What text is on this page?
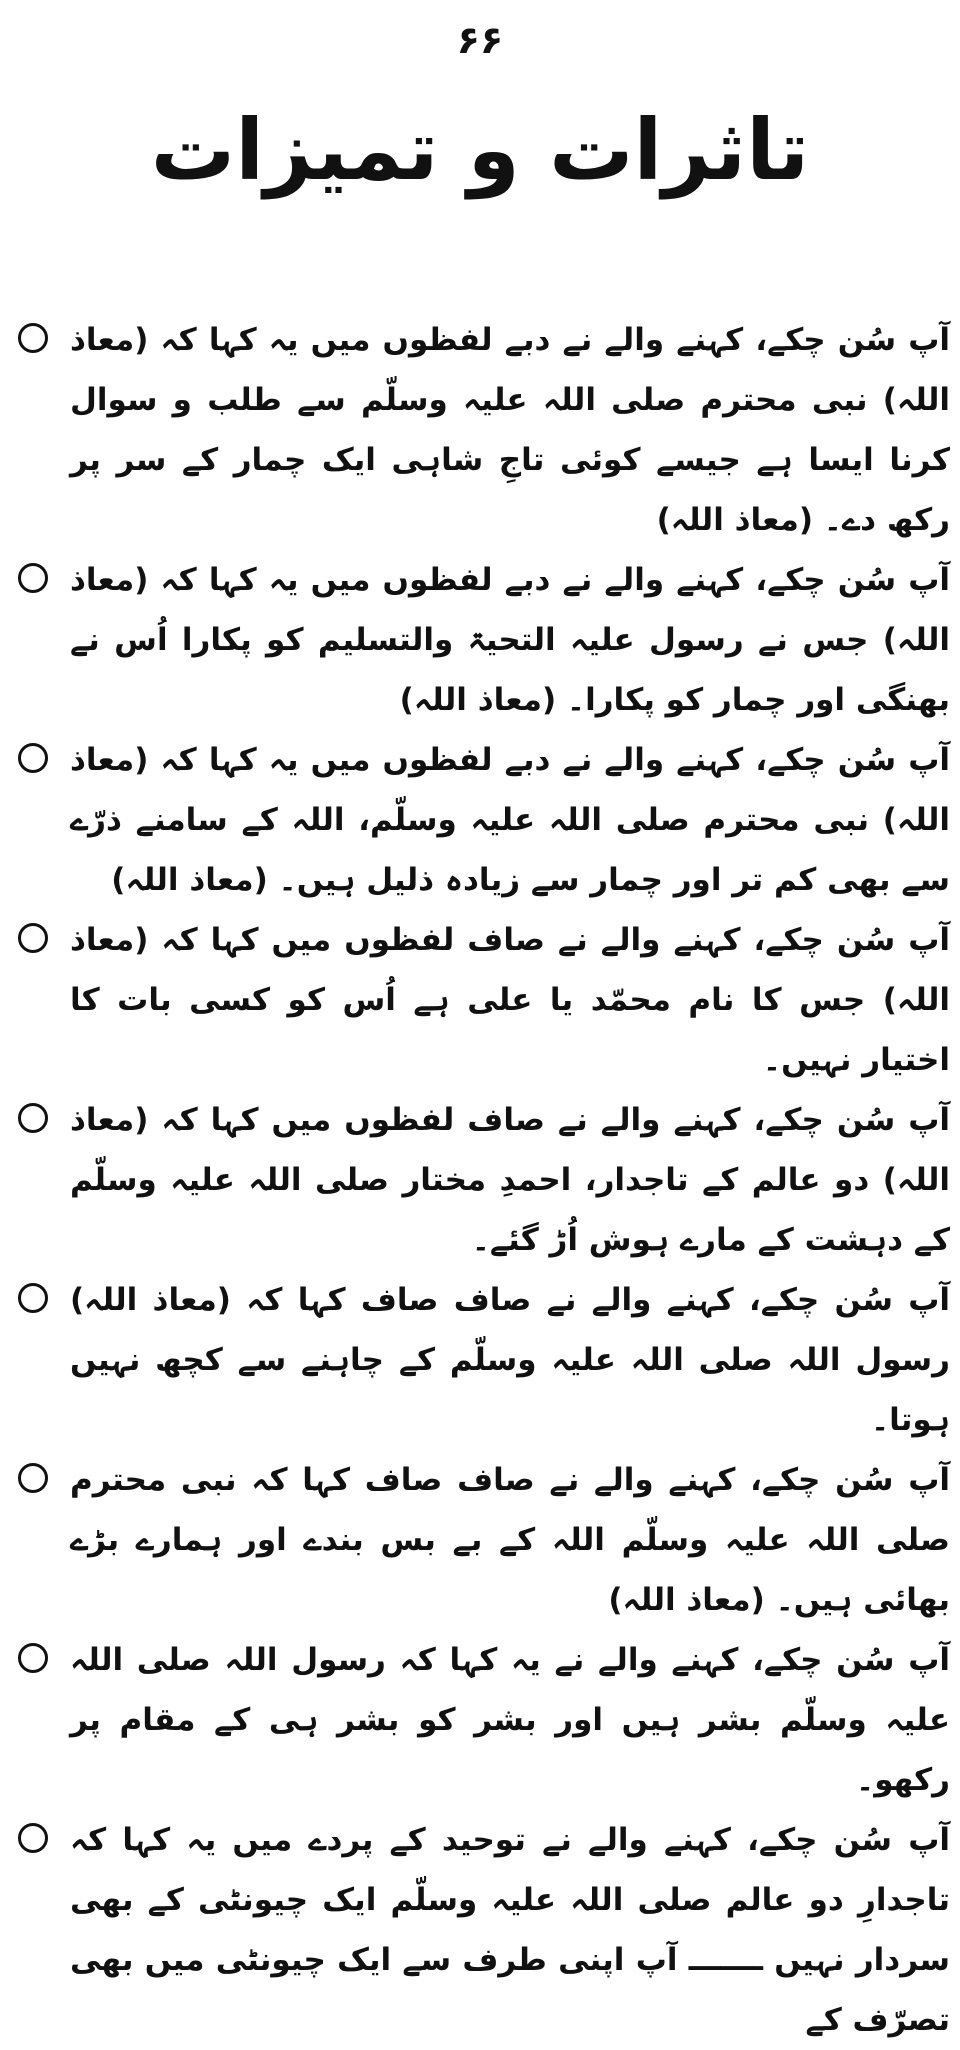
۶۶
تاثرات و تمیزات
آپ سُن چکے، کہنے والے نے دبے لفظوں میں یہ کہا کہ (معاذ اللہ) نبی محترم صلی اللہ علیہ وسلّم سے طلب و سوال کرنا ایسا ہے جیسے کوئی تاجِ شاہی ایک چمار کے سر پر رکھ دے۔ (معاذ اللہ)
آپ سُن چکے، کہنے والے نے دبے لفظوں میں یہ کہا کہ (معاذ اللہ) جس نے رسول علیہ التحیۃ والتسلیم کو پکارا اُس نے بھنگی اور چمار کو پکارا۔ (معاذ اللہ)
آپ سُن چکے، کہنے والے نے دبے لفظوں میں یہ کہا کہ (معاذ اللہ) نبی محترم صلی اللہ علیہ وسلّم، اللہ کے سامنے ذرّے سے بھی کم تر اور چمار سے زیادہ ذلیل ہیں۔ (معاذ اللہ)
آپ سُن چکے، کہنے والے نے صاف لفظوں میں کہا کہ (معاذ اللہ) جس کا نام محمّد یا علی ہے اُس کو کسی بات کا اختیار نہیں۔
آپ سُن چکے، کہنے والے نے صاف لفظوں میں کہا کہ (معاذ اللہ) دو عالم کے تاجدار، احمدِ مختار صلی اللہ علیہ وسلّم کے دہشت کے مارے ہوش اُڑ گئے۔
آپ سُن چکے، کہنے والے نے صاف صاف کہا کہ (معاذ اللہ) رسول اللہ صلی اللہ علیہ وسلّم کے چاہنے سے کچھ نہیں ہوتا۔
آپ سُن چکے، کہنے والے نے صاف صاف کہا کہ نبی محترم صلی اللہ علیہ وسلّم اللہ کے بے بس بندے اور ہمارے بڑے بھائی ہیں۔ (معاذ اللہ)
آپ سُن چکے، کہنے والے نے یہ کہا کہ رسول اللہ صلی اللہ علیہ وسلّم بشر ہیں اور بشر کو بشر ہی کے مقام پر رکھو۔
آپ سُن چکے، کہنے والے نے توحید کے پردے میں یہ کہا کہ تاجدارِ دو عالم صلی اللہ علیہ وسلّم ایک چیونٹی کے بھی سردار نہیں ـــــــ آپ اپنی طرف سے ایک چیونٹی میں بھی تصرّف کے
